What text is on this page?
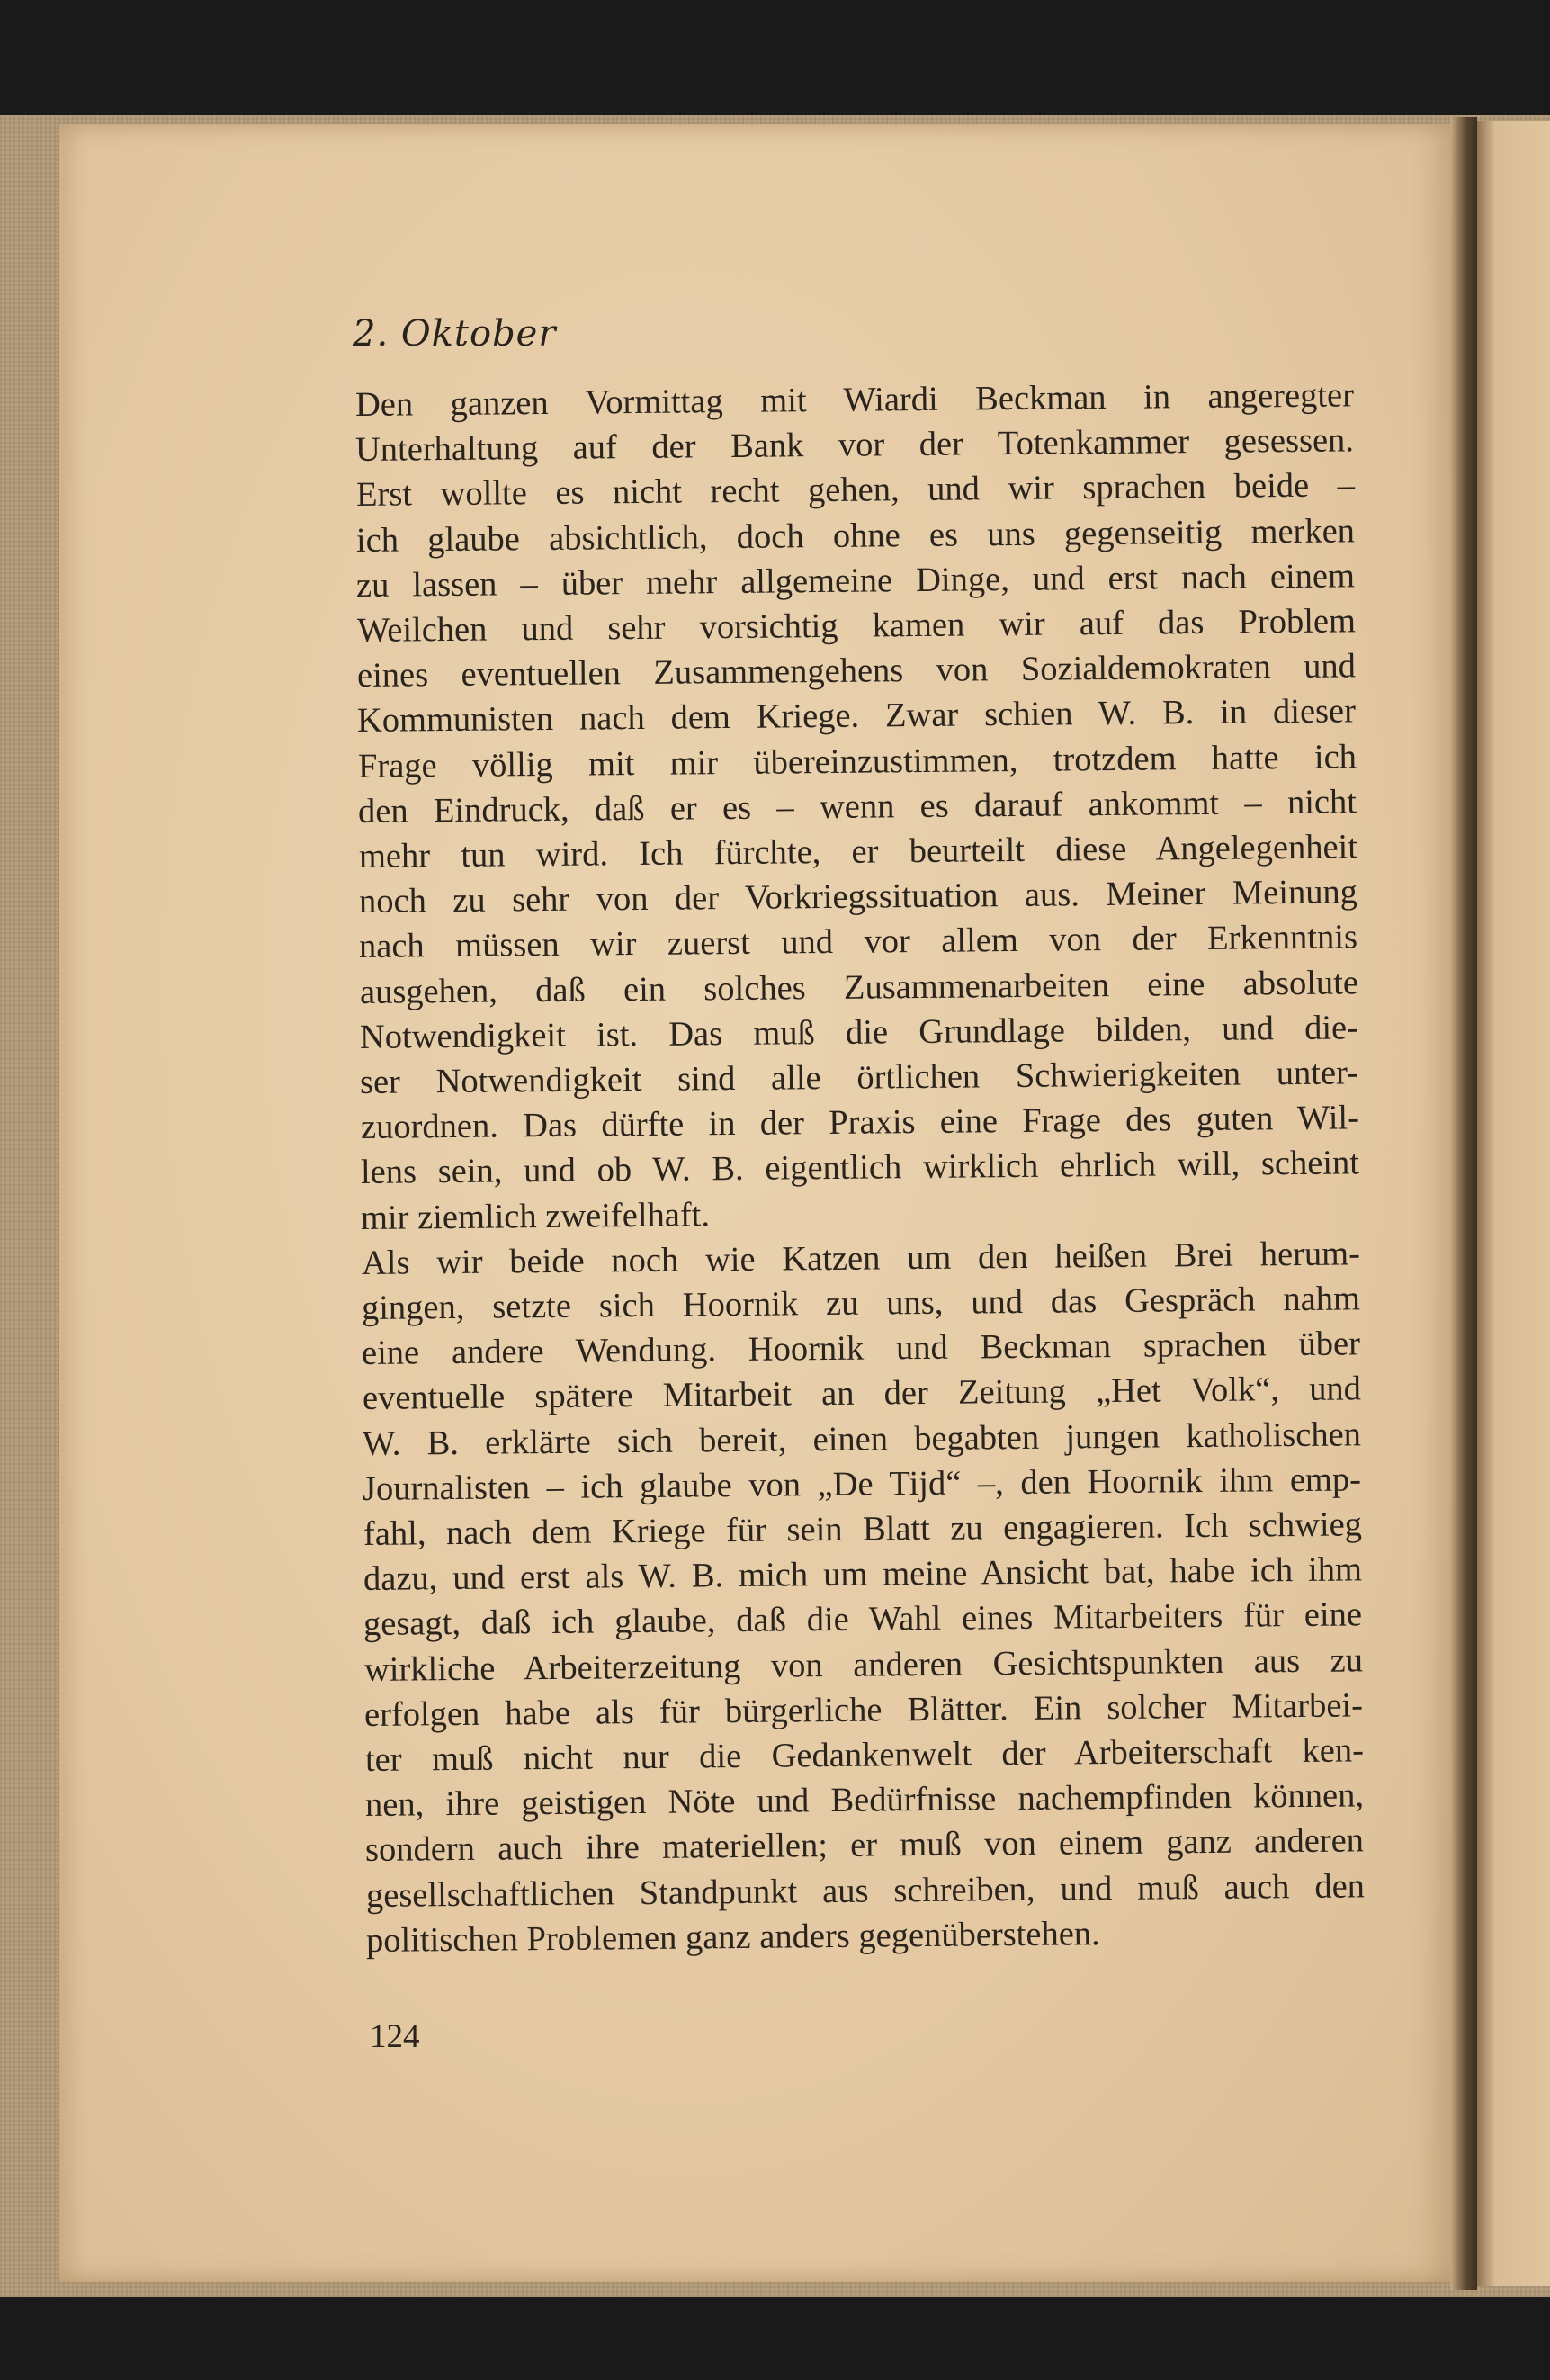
2. Oktober
Den ganzen Vormittag mit Wiardi Beckman in angeregter
Unterhaltung auf der Bank vor der Totenkammer gesessen.
Erst wollte es nicht recht gehen, und wir sprachen beide –
ich glaube absichtlich, doch ohne es uns gegenseitig merken
zu lassen – über mehr allgemeine Dinge, und erst nach einem
Weilchen und sehr vorsichtig kamen wir auf das Problem
eines eventuellen Zusammengehens von Sozialdemokraten und
Kommunisten nach dem Kriege. Zwar schien W. B. in dieser
Frage völlig mit mir übereinzustimmen, trotzdem hatte ich
den Eindruck, daß er es – wenn es darauf ankommt – nicht
mehr tun wird. Ich fürchte, er beurteilt diese Angelegenheit
noch zu sehr von der Vorkriegssituation aus. Meiner Meinung
nach müssen wir zuerst und vor allem von der Erkenntnis
ausgehen, daß ein solches Zusammenarbeiten eine absolute
Notwendigkeit ist. Das muß die Grundlage bilden, und die-
ser Notwendigkeit sind alle örtlichen Schwierigkeiten unter-
zuordnen. Das dürfte in der Praxis eine Frage des guten Wil-
lens sein, und ob W. B. eigentlich wirklich ehrlich will, scheint
mir ziemlich zweifelhaft.
Als wir beide noch wie Katzen um den heißen Brei herum-
gingen, setzte sich Hoornik zu uns, und das Gespräch nahm
eine andere Wendung. Hoornik und Beckman sprachen über
eventuelle spätere Mitarbeit an der Zeitung „Het Volk“, und
W. B. erklärte sich bereit, einen begabten jungen katholischen
Journalisten – ich glaube von „De Tijd“ –, den Hoornik ihm emp-
fahl, nach dem Kriege für sein Blatt zu engagieren. Ich schwieg
dazu, und erst als W. B. mich um meine Ansicht bat, habe ich ihm
gesagt, daß ich glaube, daß die Wahl eines Mitarbeiters für eine
wirkliche Arbeiterzeitung von anderen Gesichtspunkten aus zu
erfolgen habe als für bürgerliche Blätter. Ein solcher Mitarbei-
ter muß nicht nur die Gedankenwelt der Arbeiterschaft ken-
nen, ihre geistigen Nöte und Bedürfnisse nachempfinden können,
sondern auch ihre materiellen; er muß von einem ganz anderen
gesellschaftlichen Standpunkt aus schreiben, und muß auch den
politischen Problemen ganz anders gegenüberstehen.
124
